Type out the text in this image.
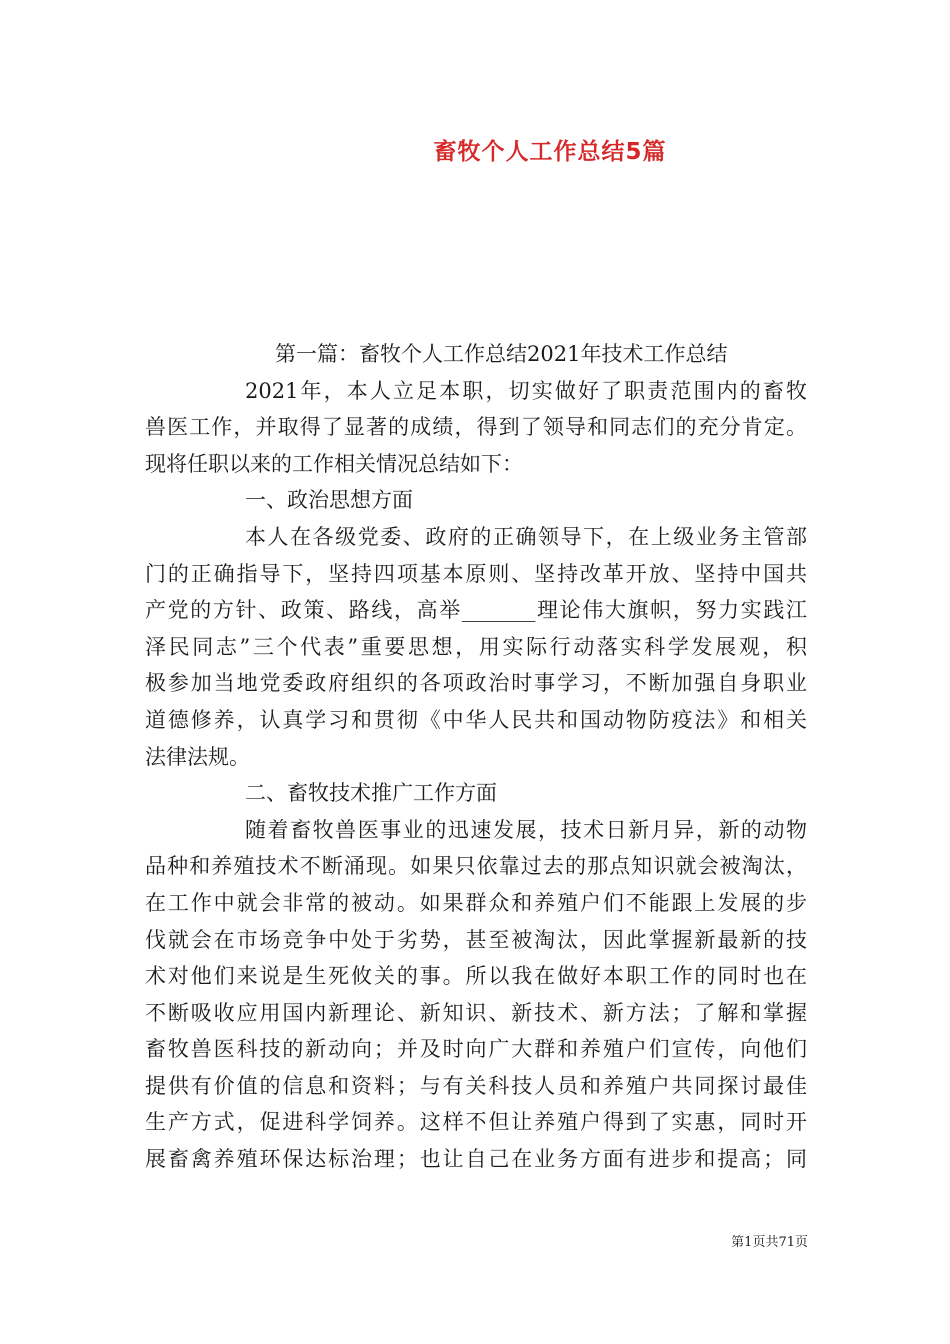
畜牧个人工作总结5篇
第一篇：畜牧个人工作总结2021年技术工作总结
2021年，本人立足本职，切实做好了职责范围内的畜牧
兽医工作，并取得了显著的成绩，得到了领导和同志们的充分肯定。
现将任职以来的工作相关情况总结如下：
一、政治思想方面
本人在各级党委、政府的正确领导下，在上级业务主管部
门的正确指导下，坚持四项基本原则、坚持改革开放、坚持中国共
产党的方针、政策、路线，高举_______理论伟大旗帜，努力实践江
泽民同志”三个代表”重要思想，用实际行动落实科学发展观，积
极参加当地党委政府组织的各项政治时事学习，不断加强自身职业
道德修养，认真学习和贯彻《中华人民共和国动物防疫法》和相关
法律法规。
二、畜牧技术推广工作方面
随着畜牧兽医事业的迅速发展，技术日新月异，新的动物
品种和养殖技术不断涌现。如果只依靠过去的那点知识就会被淘汰，
在工作中就会非常的被动。如果群众和养殖户们不能跟上发展的步
伐就会在市场竞争中处于劣势，甚至被淘汰，因此掌握新最新的技
术对他们来说是生死攸关的事。所以我在做好本职工作的同时也在
不断吸收应用国内新理论、新知识、新技术、新方法；了解和掌握
畜牧兽医科技的新动向；并及时向广大群和养殖户们宣传，向他们
提供有价值的信息和资料；与有关科技人员和养殖户共同探讨最佳
生产方式，促进科学饲养。这样不但让养殖户得到了实惠，同时开
展畜禽养殖环保达标治理；也让自己在业务方面有进步和提高；同
第1页共71页
